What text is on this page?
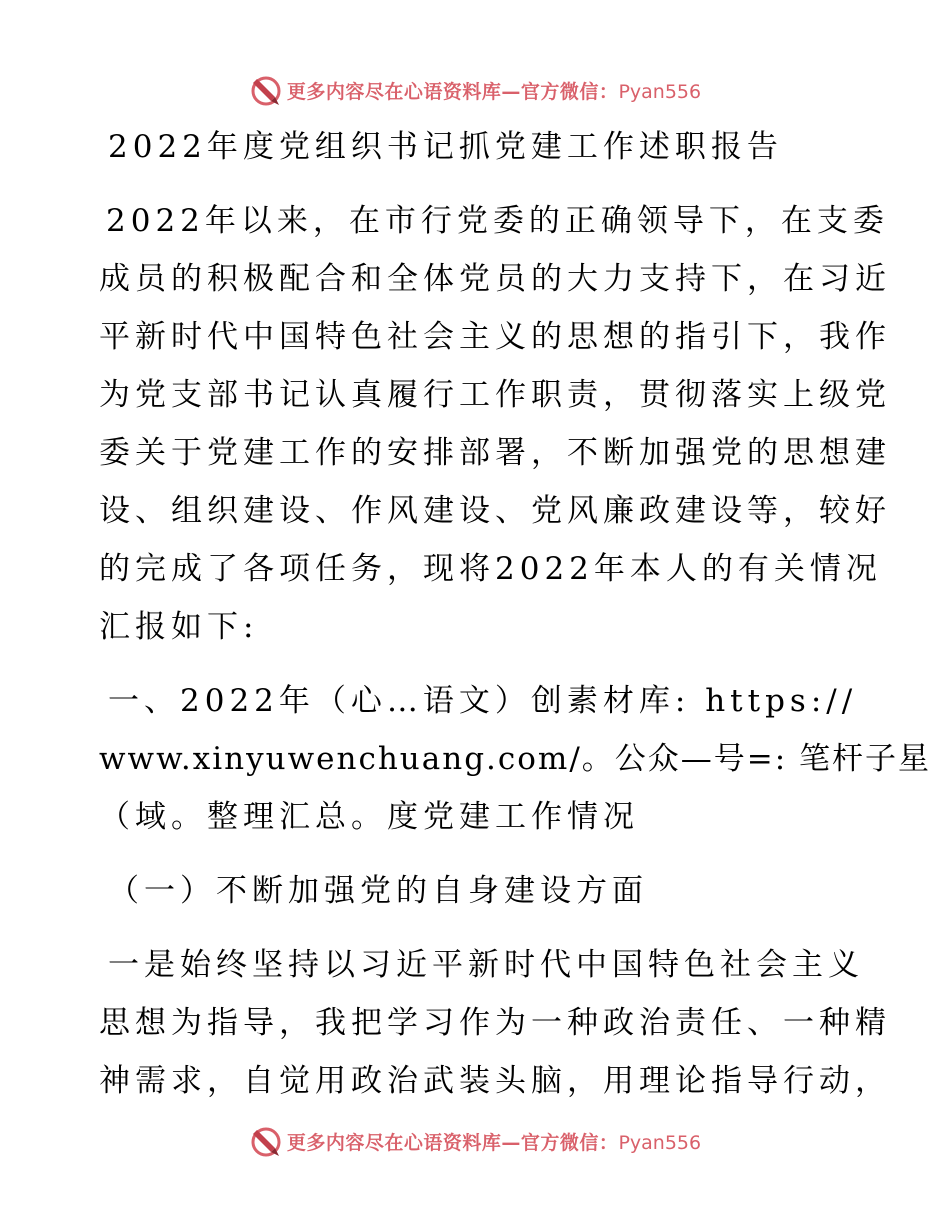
更多内容尽在心语资料库—官方微信：Pyan556
2022年度党组织书记抓党建工作述职报告
2022年以来，在市行党委的正确领导下，在支委
成员的积极配合和全体党员的大力支持下，在习近
平新时代中国特色社会主义的思想的指引下，我作
为党支部书记认真履行工作职责，贯彻落实上级党
委关于党建工作的安排部署，不断加强党的思想建
设、组织建设、作风建设、党风廉政建设等，较好
的完成了各项任务，现将2022年本人的有关情况
汇报如下:
一、2022年（心…语文）创素材库: https://
www.xinyuwenchuang.com/。公众—号=: 笔杆子星
（域。整理汇总。度党建工作情况
（一）不断加强党的自身建设方面
一是始终坚持以习近平新时代中国特色社会主义
思想为指导，我把学习作为一种政治责任、一种精
神需求，自觉用政治武装头脑，用理论指导行动，
更多内容尽在心语资料库—官方微信：Pyan556
